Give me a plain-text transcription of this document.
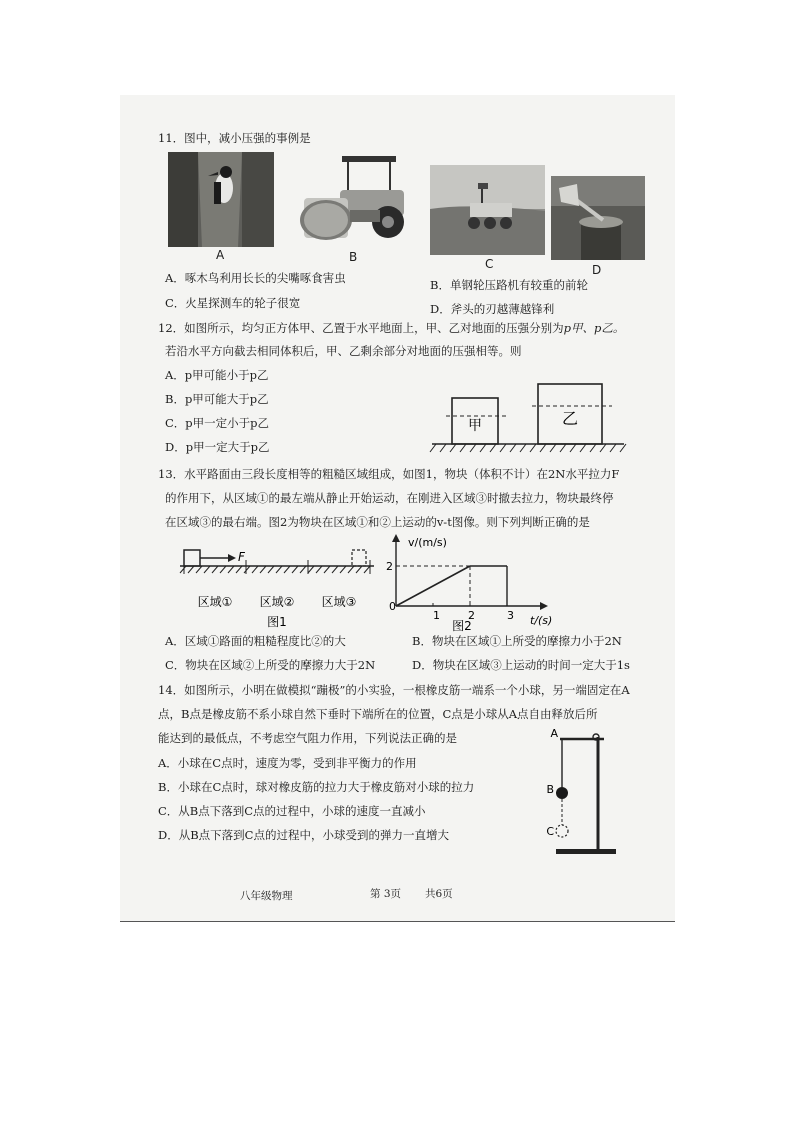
11．图中，减小压强的事例是
A	B	C	D
A．啄木鸟利用长长的尖嘴啄食害虫	B．单钢轮压路机有较重的前轮
C．火星探测车的轮子很宽	D．斧头的刃越薄越锋利
12．如图所示，均匀正方体甲、乙置于水平地面上，甲、乙对地面的压强分别为p甲、p乙。
若沿水平方向截去相同体积后，甲、乙剩余部分对地面的压强相等。则
A．p甲可能小于p乙
B．p甲可能大于p乙
C．p甲一定小于p乙
D．p甲一定大于p乙
甲	乙
13．水平路面由三段长度相等的粗糙区域组成，如图1，物块（体积不计）在2N水平拉力F
的作用下，从区域①的最左端从静止开始运动，在刚进入区域③时撤去拉力，物块最终停
在区域③的最右端。图2为物块在区域①和②上运动的v-t图像。则下列判断正确的是
F
区域① 区域② 区域③
图1
v/(m/s)
t/(s)
2
0
1	2	3
图2
A．区域①路面的粗糙程度比②的大	B．物块在区域①上所受的摩擦力小于2N
C．物块在区域②上所受的摩擦力大于2N	D．物块在区域③上运动的时间一定大于1s
14．如图所示，小明在做模拟“蹦极”的小实验，一根橡皮筋一端系一个小球，另一端固定在A
点，B点是橡皮筋不系小球自然下垂时下端所在的位置，C点是小球从A点自由释放后所
能达到的最低点，不考虑空气阻力作用，下列说法正确的是
A．小球在C点时，速度为零，受到非平衡力的作用
B．小球在C点时，球对橡皮筋的拉力大于橡皮筋对小球的拉力
C．从B点下落到C点的过程中，小球的速度一直减小
D．从B点下落到C点的过程中，小球受到的弹力一直增大
A
B
C
八年级物理	第 3页 共6页
